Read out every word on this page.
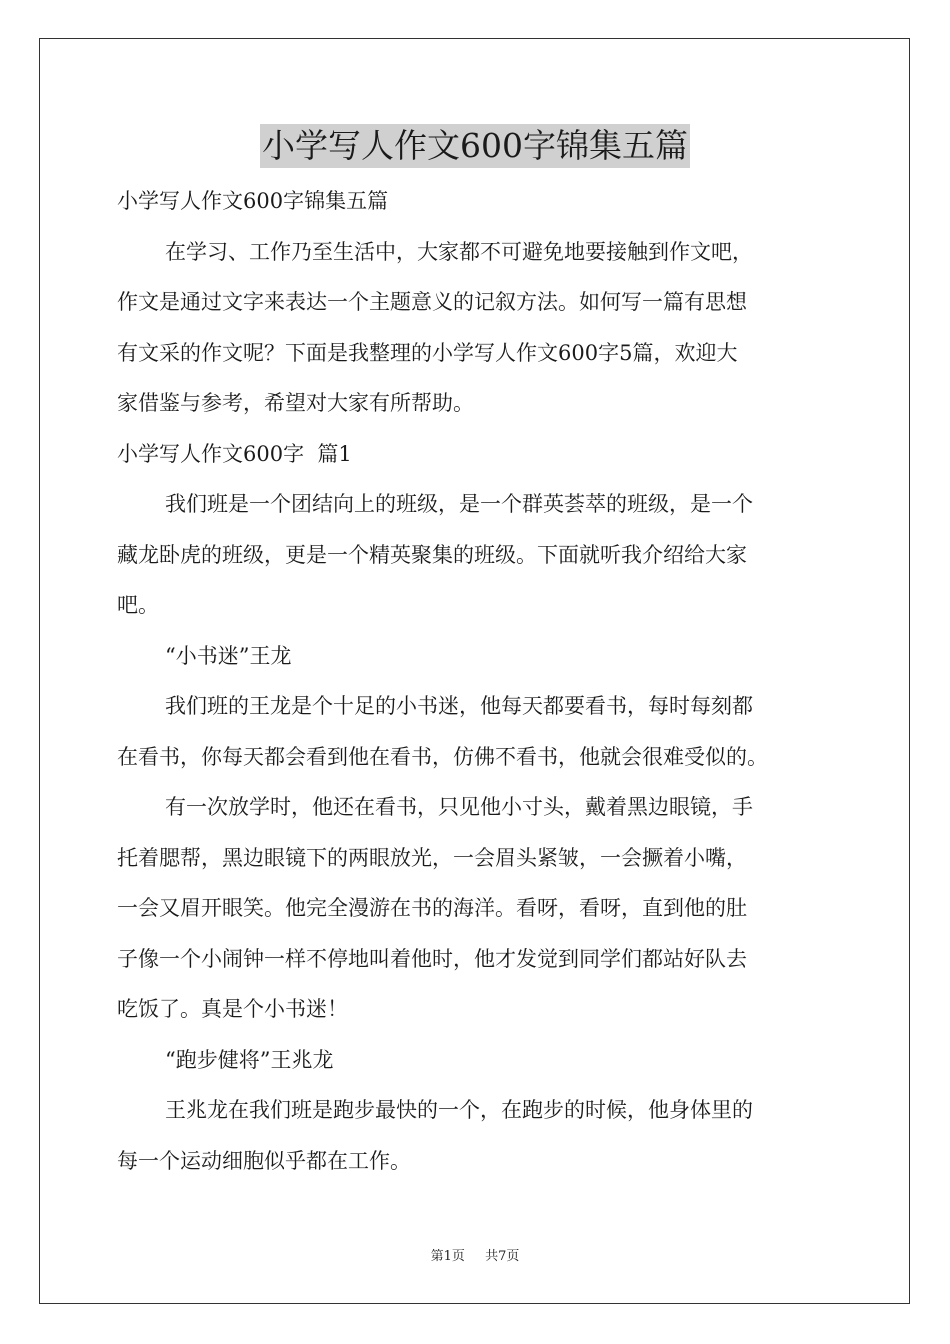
小学写人作文600字锦集五篇
小学写人作文600字锦集五篇
在学习、工作乃至生活中，大家都不可避免地要接触到作文吧，
作文是通过文字来表达一个主题意义的记叙方法。如何写一篇有思想
有文采的作文呢？下面是我整理的小学写人作文600字5篇，欢迎大
家借鉴与参考，希望对大家有所帮助。
小学写人作文600字  篇1
我们班是一个团结向上的班级，是一个群英荟萃的班级，是一个
藏龙卧虎的班级，更是一个精英聚集的班级。下面就听我介绍给大家
吧。
“小书迷”王龙
我们班的王龙是个十足的小书迷，他每天都要看书，每时每刻都
在看书，你每天都会看到他在看书，仿佛不看书，他就会很难受似的。
有一次放学时，他还在看书，只见他小寸头，戴着黑边眼镜，手
托着腮帮，黑边眼镜下的两眼放光，一会眉头紧皱，一会撅着小嘴，
一会又眉开眼笑。他完全漫游在书的海洋。看呀，看呀，直到他的肚
子像一个小闹钟一样不停地叫着他时，他才发觉到同学们都站好队去
吃饭了。真是个小书迷！
“跑步健将”王兆龙
王兆龙在我们班是跑步最快的一个，在跑步的时候，他身体里的
每一个运动细胞似乎都在工作。
第1页 共7页
